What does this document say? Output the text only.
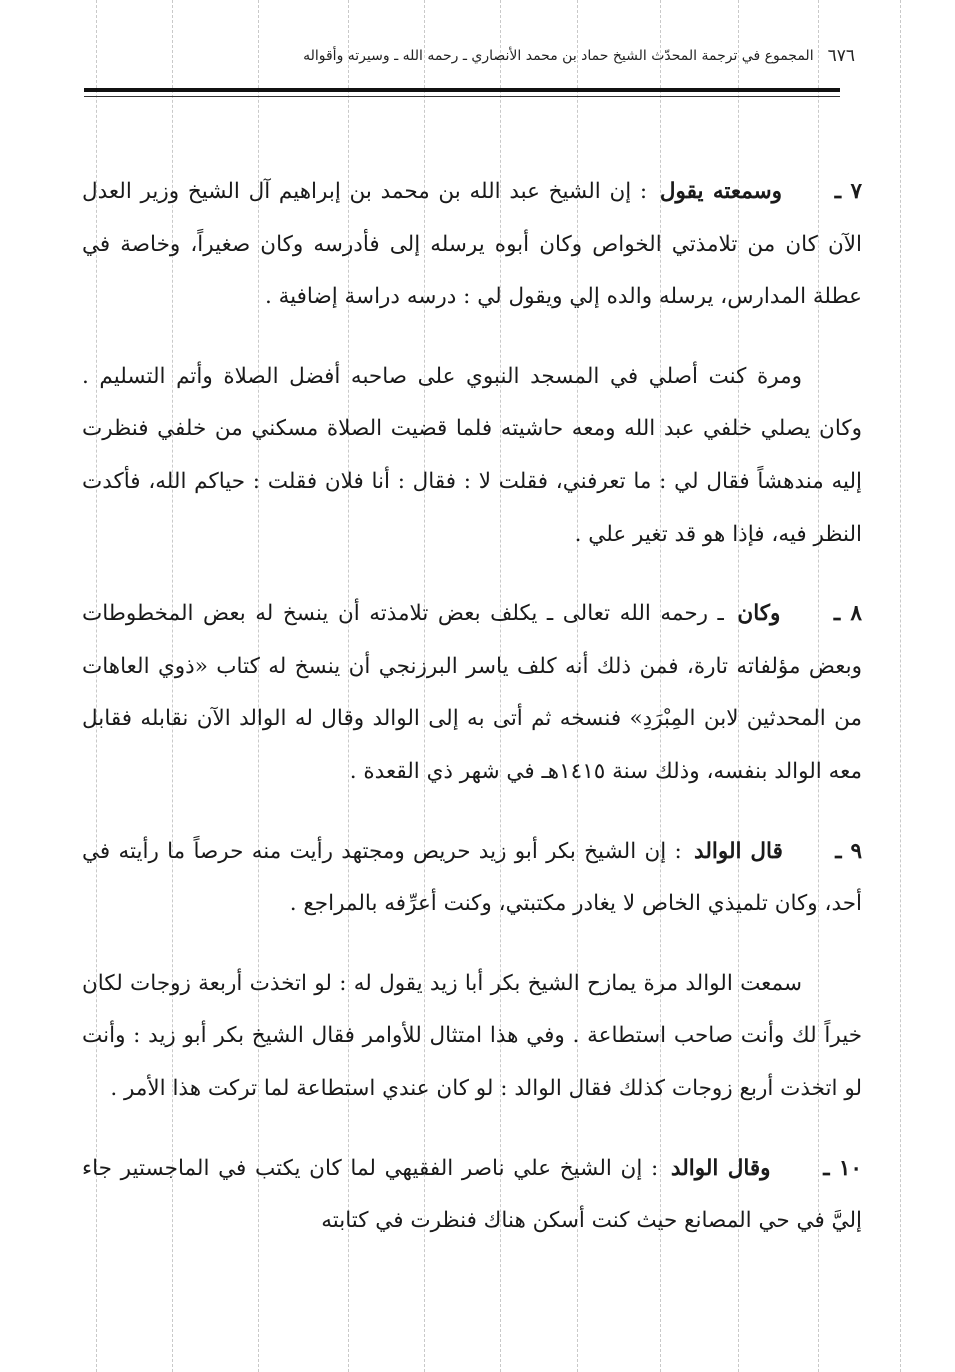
٦٧٦
المجموع في ترجمة المحدّث الشيخ حماد بن محمد الأنصاري ـ رحمه الله ـ وسيرته وأقواله

٧ ـ وسمعته يقول : إن الشيخ عبد الله بن محمد بن إبراهيم آل الشيخ وزير العدل الآن كان من تلامذتي الخواص وكان أبوه يرسله إلى فأدرسه وكان صغيراً، وخاصة في عطلة المدارس، يرسله والده إلي ويقول لي : درسه دراسة إضافية .

ومرة كنت أصلي في المسجد النبوي على صاحبه أفضل الصلاة وأتم التسليم . وكان يصلي خلفي عبد الله ومعه حاشيته فلما قضيت الصلاة مسكني من خلفي فنظرت إليه مندهشاً فقال لي : ما تعرفني، فقلت لا : فقال : أنا فلان فقلت : حياكم الله، فأكدت النظر فيه، فإذا هو قد تغير علي .

٨ ـ وكان ـ رحمه الله تعالى ـ يكلف بعض تلامذته أن ينسخ له بعض المخطوطات وبعض مؤلفاته تارة، فمن ذلك أنه كلف ياسر البرزنجي أن ينسخ له كتاب «ذوي العاهات من المحدثين لابن المِبْرَدِ» فنسخه ثم أتى به إلى الوالد وقال له الوالد الآن نقابله فقابل معه الوالد بنفسه، وذلك سنة ١٤١٥هـ في شهر ذي القعدة .

٩ ـ قال الوالد : إن الشيخ بكر أبو زيد حريص ومجتهد رأيت منه حرصاً ما رأيته في أحد، وكان تلميذي الخاص لا يغادر مكتبتي، وكنت أعرِّفه بالمراجع .

سمعت الوالد مرة يمازح الشيخ بكر أبا زيد يقول له : لو اتخذت أربعة زوجات لكان خيراً لك وأنت صاحب استطاعة . وفي هذا امتثال للأوامر فقال الشيخ بكر أبو زيد : وأنت لو اتخذت أربع زوجات كذلك فقال الوالد : لو كان عندي استطاعة لما تركت هذا الأمر .

١٠ ـ وقال الوالد : إن الشيخ علي ناصر الفقيهي لما كان يكتب في الماجستير جاء إليَّ في حي المصانع حيث كنت أسكن هناك فنظرت في كتابته
